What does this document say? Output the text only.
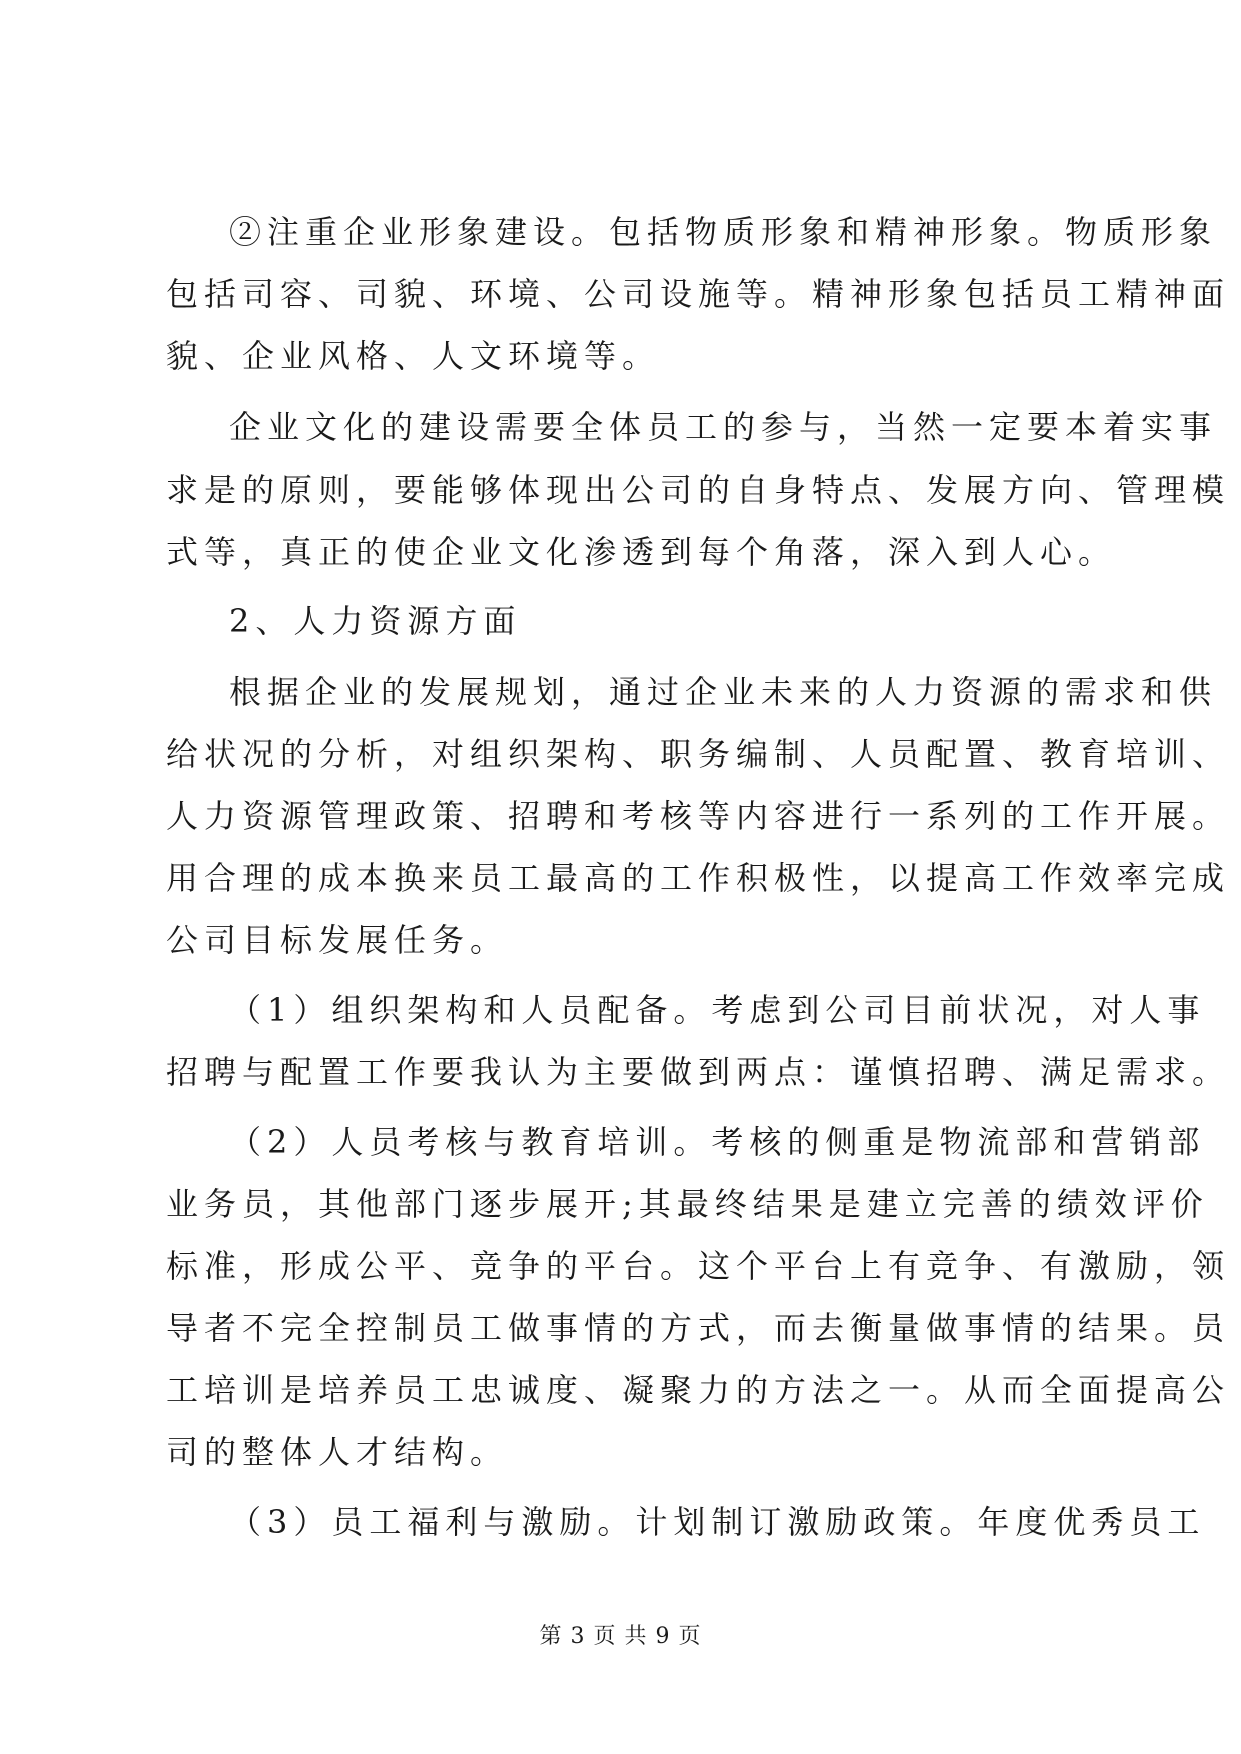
②注重企业形象建设。包括物质形象和精神形象。物质形象
包括司容、司貌、环境、公司设施等。精神形象包括员工精神面
貌、企业风格、人文环境等。
企业文化的建设需要全体员工的参与，当然一定要本着实事
求是的原则，要能够体现出公司的自身特点、发展方向、管理模
式等，真正的使企业文化渗透到每个角落，深入到人心。
2、人力资源方面
根据企业的发展规划，通过企业未来的人力资源的需求和供
给状况的分析，对组织架构、职务编制、人员配置、教育培训、
人力资源管理政策、招聘和考核等内容进行一系列的工作开展。
用合理的成本换来员工最高的工作积极性，以提高工作效率完成
公司目标发展任务。
（1）组织架构和人员配备。考虑到公司目前状况，对人事
招聘与配置工作要我认为主要做到两点：谨慎招聘、满足需求。
（2）人员考核与教育培训。考核的侧重是物流部和营销部
业务员，其他部门逐步展开;其最终结果是建立完善的绩效评价
标准，形成公平、竞争的平台。这个平台上有竞争、有激励，领
导者不完全控制员工做事情的方式，而去衡量做事情的结果。员
工培训是培养员工忠诚度、凝聚力的方法之一。从而全面提高公
司的整体人才结构。
（3）员工福利与激励。计划制订激励政策。年度优秀员工
第 3 页 共 9 页
